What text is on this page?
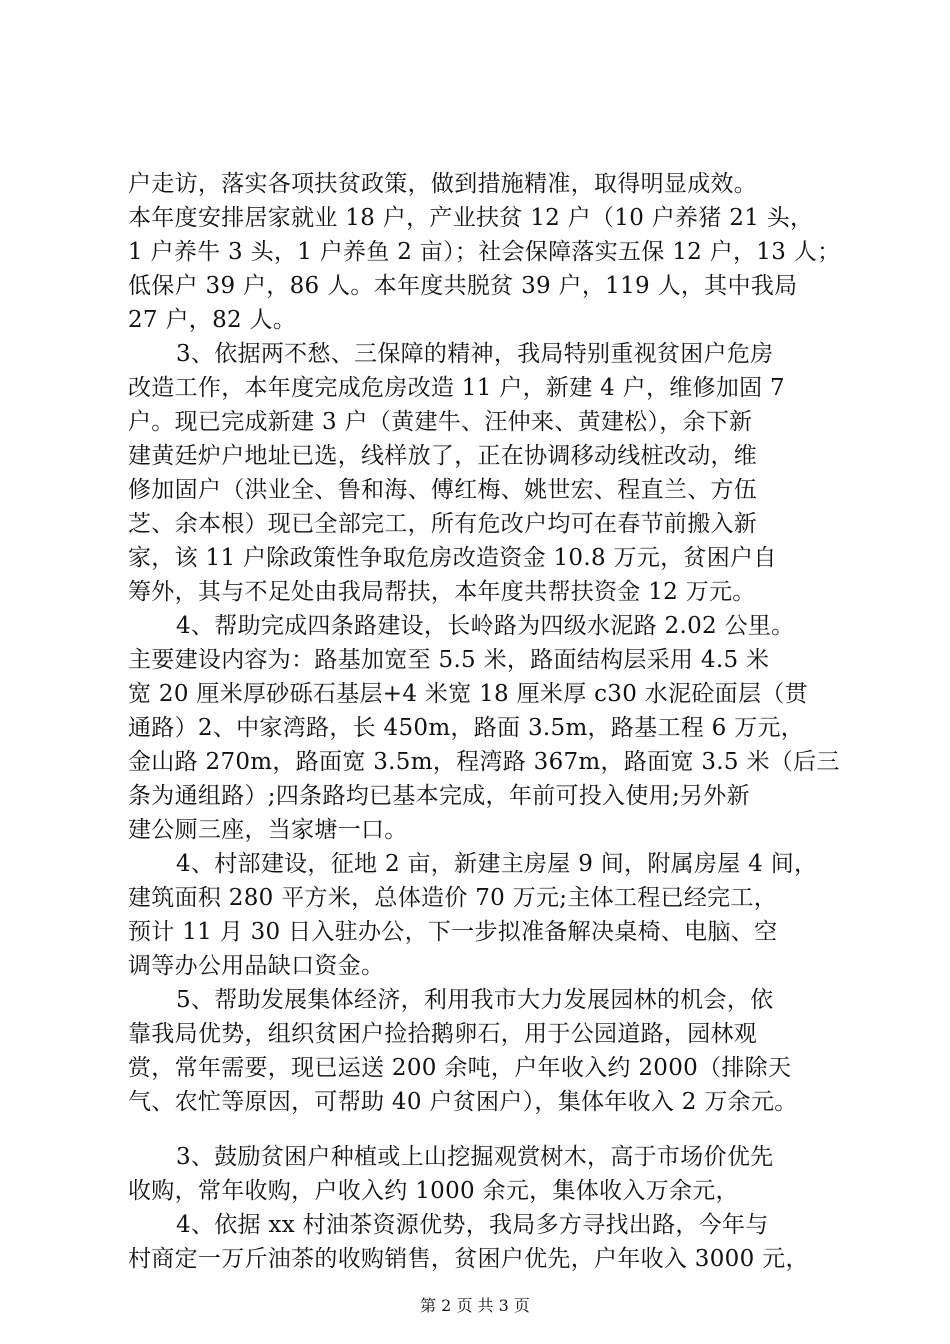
户走访，落实各项扶贫政策，做到措施精准，取得明显成效。
本年度安排居家就业 18 户，产业扶贫 12 户（10 户养猪 21 头，
1 户养牛 3 头，1 户养鱼 2 亩）；社会保障落实五保 12 户，13 人；
低保户 39 户，86 人。本年度共脱贫 39 户，119 人，其中我局
27 户，82 人。
3、依据两不愁、三保障的精神，我局特别重视贫困户危房
改造工作，本年度完成危房改造 11 户，新建 4 户，维修加固 7
户。现已完成新建 3 户（黄建牛、汪仲来、黄建松），余下新
建黄廷炉户地址已选，线样放了，正在协调移动线桩改动，维
修加固户（洪业全、鲁和海、傅红梅、姚世宏、程直兰、方伍
芝、余本根）现已全部完工，所有危改户均可在春节前搬入新
家，该 11 户除政策性争取危房改造资金 10.8 万元，贫困户自
筹外，其与不足处由我局帮扶，本年度共帮扶资金 12 万元。
4、帮助完成四条路建设，长岭路为四级水泥路 2.02 公里。
主要建设内容为：路基加宽至 5.5 米，路面结构层采用 4.5 米
宽 20 厘米厚砂砾石基层+4 米宽 18 厘米厚 c30 水泥砼面层（贯
通路）2、中家湾路，长 450m，路面 3.5m，路基工程 6 万元，
金山路 270m，路面宽 3.5m，程湾路 367m，路面宽 3.5 米（后三
条为通组路）;四条路均已基本完成，年前可投入使用;另外新
建公厕三座，当家塘一口。
4、村部建设，征地 2 亩，新建主房屋 9 间，附属房屋 4 间，
建筑面积 280 平方米，总体造价 70 万元;主体工程已经完工，
预计 11 月 30 日入驻办公，下一步拟准备解决桌椅、电脑、空
调等办公用品缺口资金。
5、帮助发展集体经济，利用我市大力发展园林的机会，依
靠我局优势，组织贫困户捡拾鹅卵石，用于公园道路，园林观
赏，常年需要，现已运送 200 余吨，户年收入约 2000（排除天
气、农忙等原因，可帮助 40 户贫困户），集体年收入 2 万余元。
3、鼓励贫困户种植或上山挖掘观赏树木，高于市场价优先
收购，常年收购，户收入约 1000 余元，集体收入万余元，
4、依据 xx 村油茶资源优势，我局多方寻找出路，今年与
村商定一万斤油茶的收购销售，贫困户优先，户年收入 3000 元，
第 2 页 共 3 页
